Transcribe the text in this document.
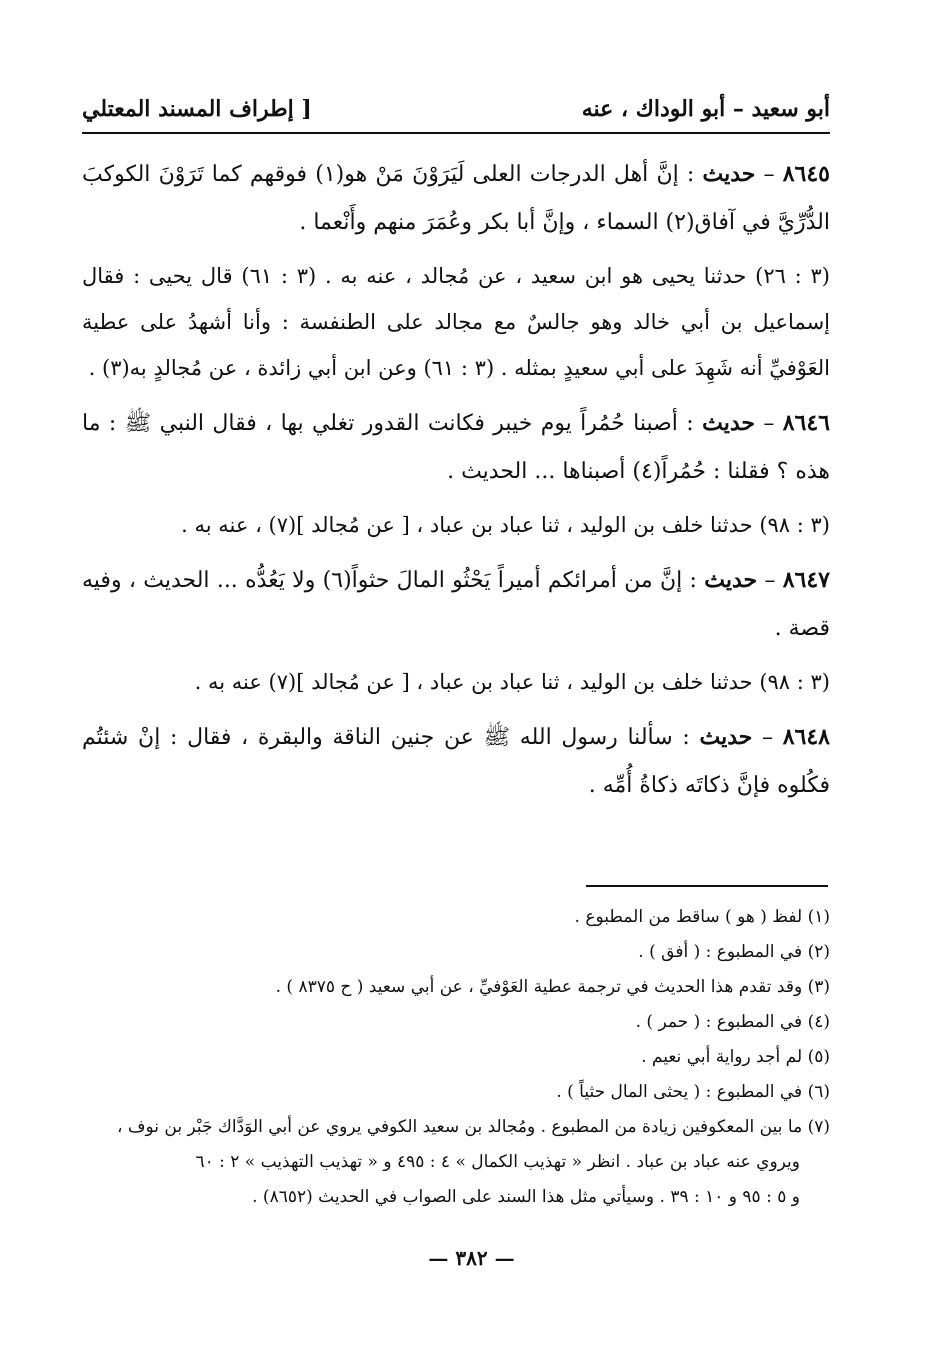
أبو سعيد – أبو الوداك ، عنه
[ إطراف المسند المعتلي

٨٦٤٥ – حديث : إنَّ أهل الدرجات العلى لَيَرَوْنَ مَنْ هو(١) فوقهم كما تَرَوْنَ الكوكبَ الدُّرِّيَّ في آفاق(٢) السماء ، وإنَّ أبا بكر وعُمَرَ منهم وأَنْعما .

(٣ : ٢٦) حدثنا يحيى هو ابن سعيد ، عن مُجالد ، عنه به . (٣ : ٦١) قال يحيى : فقال إسماعيل بن أبي خالد وهو جالسٌ مع مجالد على الطنفسة : وأنا أشهدُ على عطية العَوْفيِّ أنه شَهِدَ على أبي سعيدٍ بمثله . (٣ : ٦١) وعن ابن أبي زائدة ، عن مُجالدٍ به(٣) .

٨٦٤٦ – حديث : أصبنا حُمُراً يوم خيبر فكانت القدور تغلي بها ، فقال النبي ﷺ : ما هذه ؟ فقلنا : حُمُراً(٤) أصبناها ... الحديث .

(٣ : ٩٨) حدثنا خلف بن الوليد ، ثنا عباد بن عباد ، [ عن مُجالد ](٧) ، عنه به .

٨٦٤٧ – حديث : إنَّ من أمرائكم أميراً يَحْثُو المالَ حثواً(٦) ولا يَعُدُّه ... الحديث ، وفيه قصة .

(٣ : ٩٨) حدثنا خلف بن الوليد ، ثنا عباد بن عباد ، [ عن مُجالد ](٧) عنه به .

٨٦٤٨ – حديث : سألنا رسول الله ﷺ عن جنين الناقة والبقرة ، فقال : إنْ شئتُم فكُلوه فإنَّ ذكاتَه ذكاةُ أُمِّه .

(١) لفظ ( هو ) ساقط من المطبوع .

(٢) في المطبوع : ( أفق ) .

(٣) وقد تقدم هذا الحديث في ترجمة عطية العَوْفيِّ ، عن أبي سعيد ( ح ٨٣٧٥ ) .

(٤) في المطبوع : ( حمر ) .

(٥) لم أجد رواية أبي نعيم .

(٦) في المطبوع : ( يحثى المال حثياً ) .

(٧) ما بين المعكوفين زيادة من المطبوع . ومُجالد بن سعيد الكوفي يروي عن أبي الوَدَّاك جَبْر بن نوف ،

ويروي عنه عباد بن عباد . انظر « تهذيب الكمال » ٤ : ٤٩٥ و « تهذيب التهذيب » ٢ : ٦٠

و ٥ : ٩٥ و ١٠ : ٣٩ . وسيأتي مثل هذا السند على الصواب في الحديث (٨٦٥٢) .

— ٣٨٢ —
